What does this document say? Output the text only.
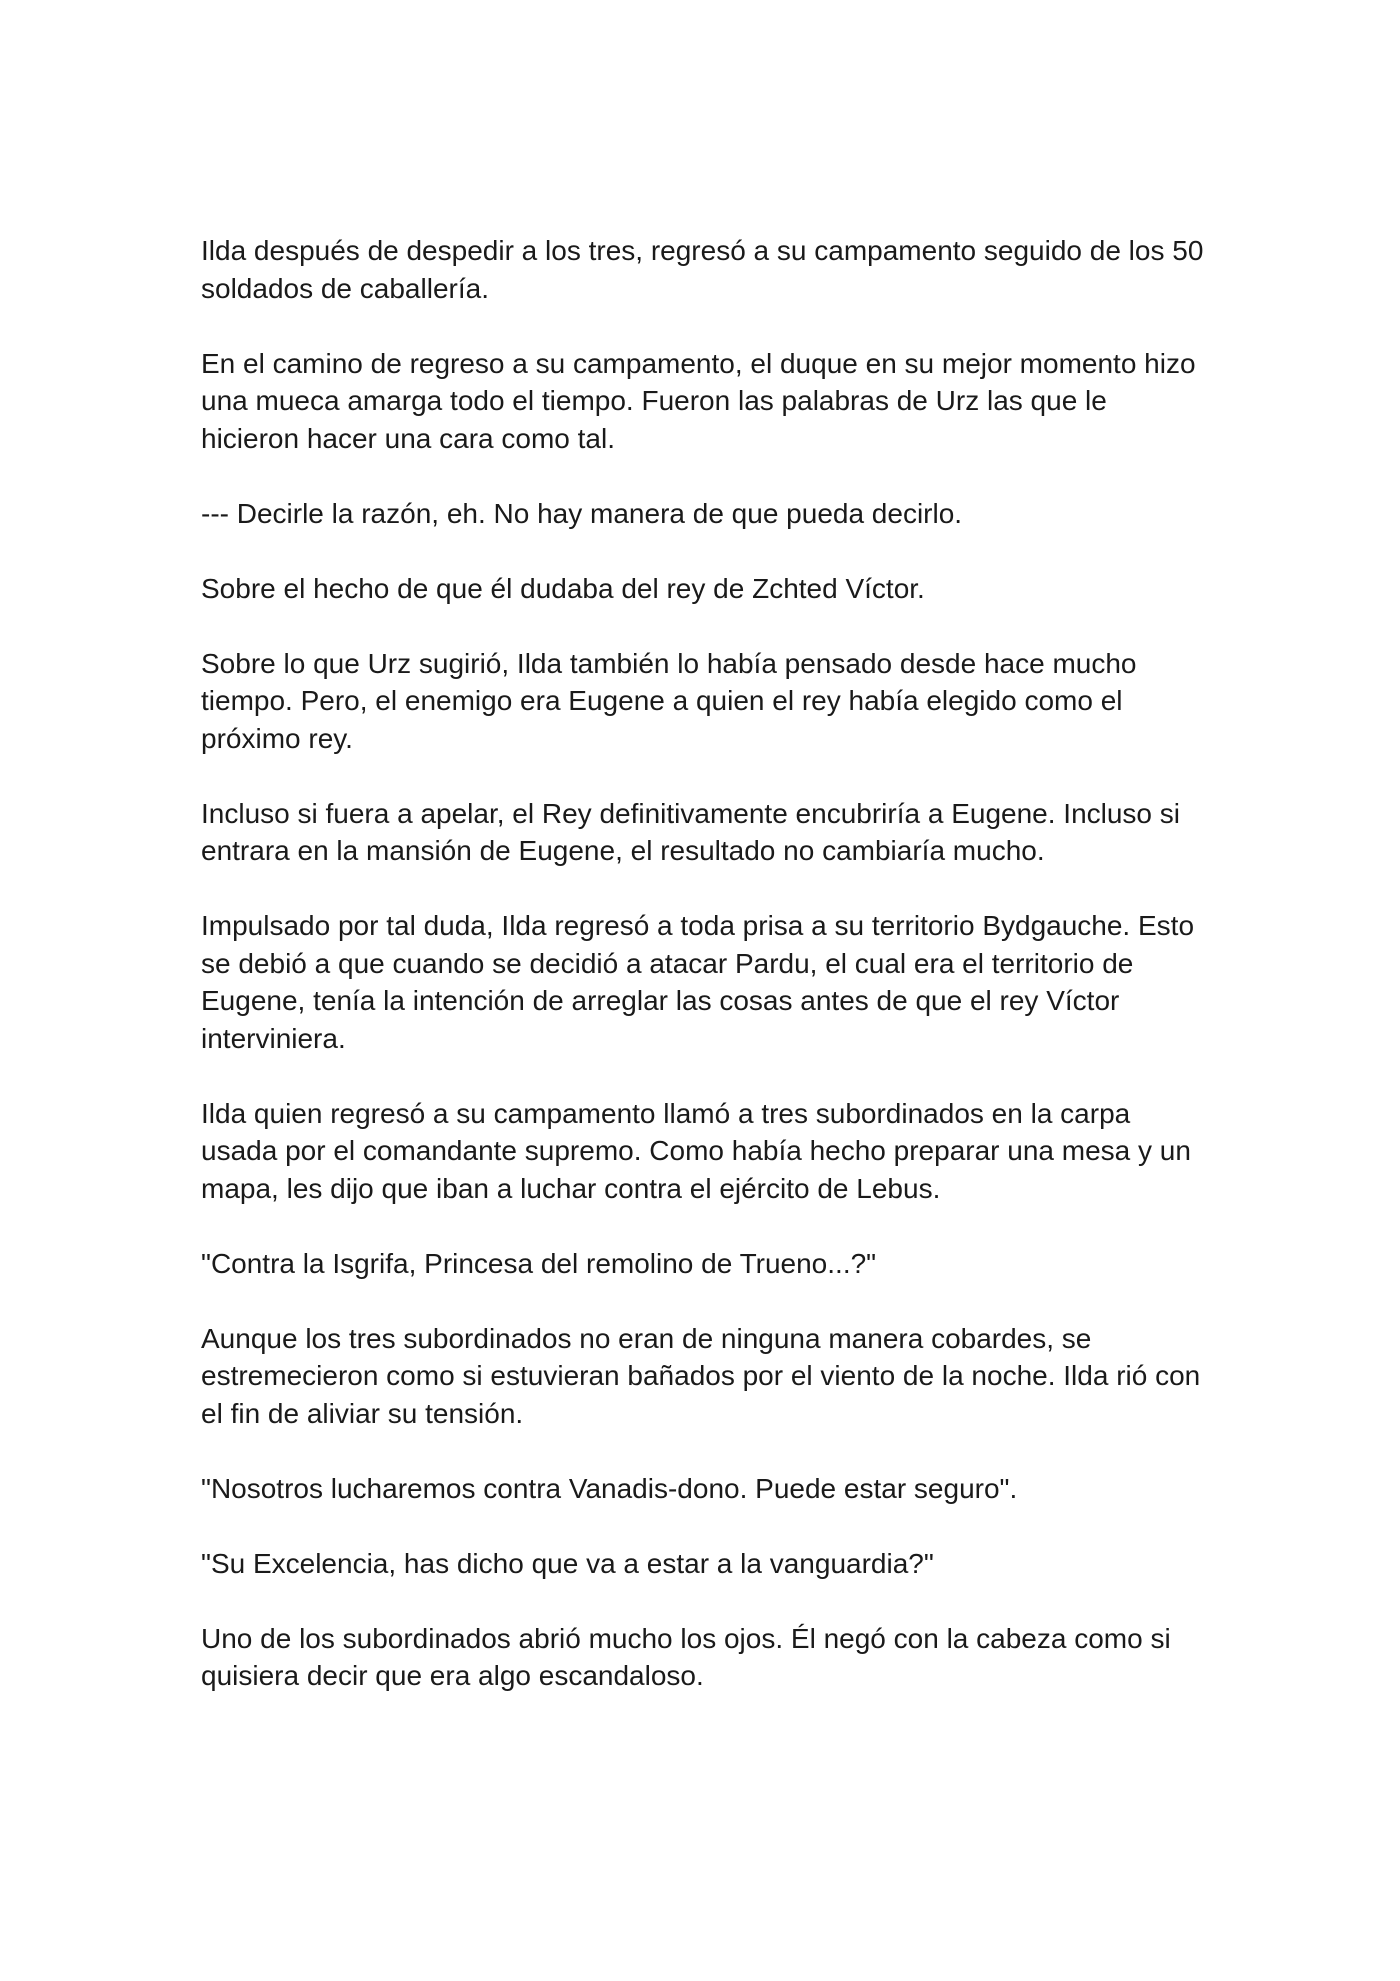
Ilda después de despedir a los tres, regresó a su campamento seguido de los 50 soldados de caballería.

En el camino de regreso a su campamento, el duque en su mejor momento hizo una mueca amarga todo el tiempo. Fueron las palabras de Urz las que le hicieron hacer una cara como tal.

--- Decirle la razón, eh. No hay manera de que pueda decirlo.

Sobre el hecho de que él dudaba del rey de Zchted Víctor.

Sobre lo que Urz sugirió, Ilda también lo había pensado desde hace mucho tiempo. Pero, el enemigo era Eugene a quien el rey había elegido como el próximo rey.

Incluso si fuera a apelar, el Rey definitivamente encubriría a Eugene. Incluso si entrara en la mansión de Eugene, el resultado no cambiaría mucho.

Impulsado por tal duda, Ilda regresó a toda prisa a su territorio Bydgauche. Esto se debió a que cuando se decidió a atacar Pardu, el cual era el territorio de Eugene, tenía la intención de arreglar las cosas antes de que el rey Víctor interviniera.

Ilda quien regresó a su campamento llamó a tres subordinados en la carpa usada por el comandante supremo. Como había hecho preparar una mesa y un mapa, les dijo que iban a luchar contra el ejército de Lebus.

"Contra la Isgrifa, Princesa del remolino de Trueno...?"

Aunque los tres subordinados no eran de ninguna manera cobardes, se estremecieron como si estuvieran bañados por el viento de la noche. Ilda rió con el fin de aliviar su tensión.

"Nosotros lucharemos contra Vanadis-dono. Puede estar seguro".

"Su Excelencia, has dicho que va a estar a la vanguardia?"

Uno de los subordinados abrió mucho los ojos. Él negó con la cabeza como si quisiera decir que era algo escandaloso.
